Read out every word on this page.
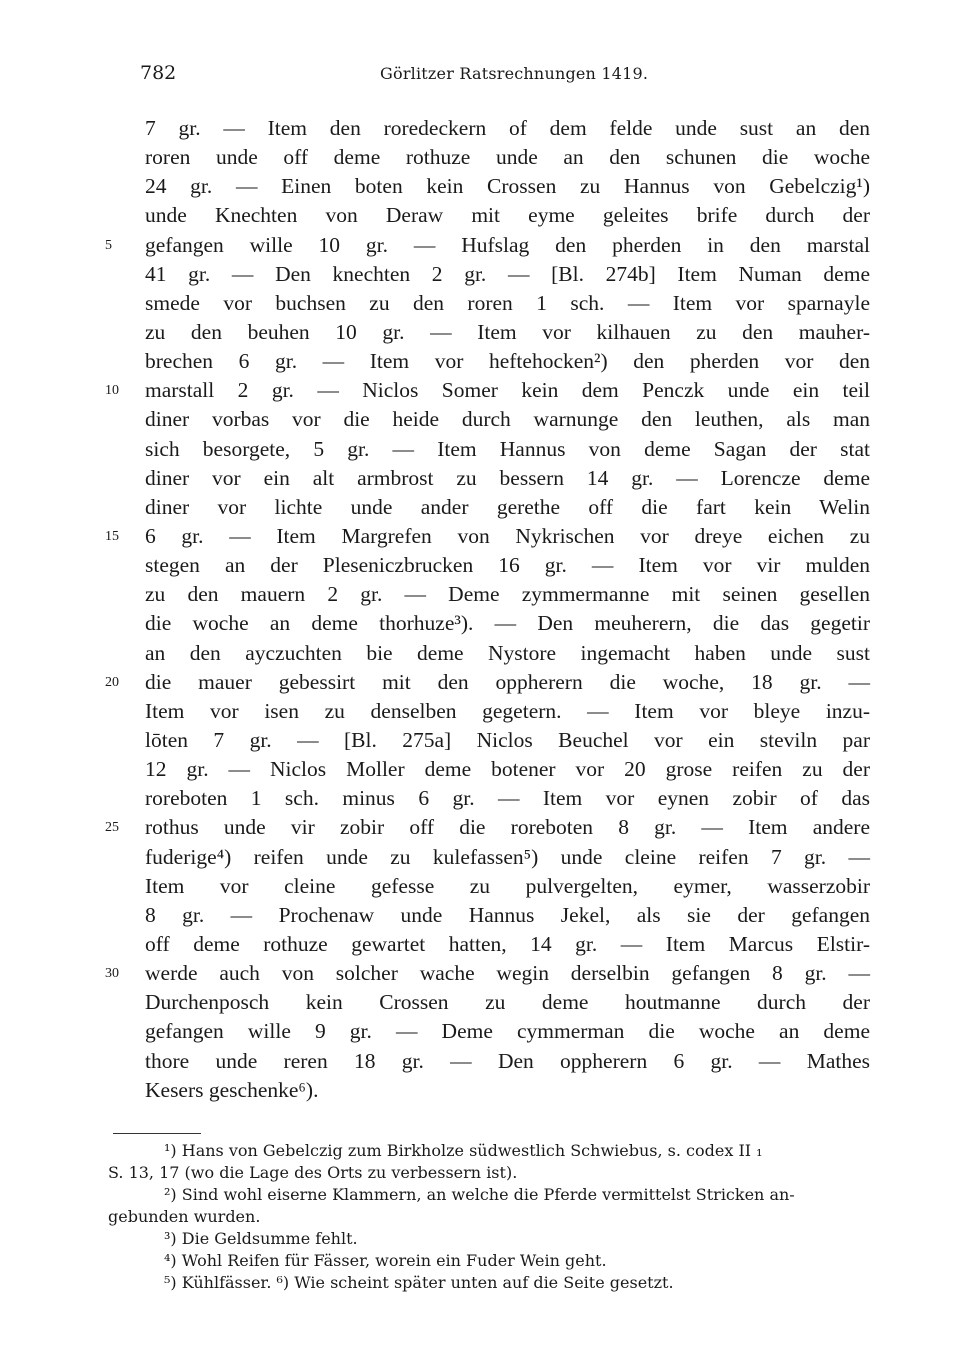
782	Görlitzer Ratsrechnungen 1419.
7 gr. — Item den roredeckern of dem felde unde sust an den
roren unde off deme rothuze unde an den schunen die woche
24 gr. — Einen boten kein Crossen zu Hannus von Gebelczig¹)
unde Knechten von Deraw mit eyme geleites brife durch der
5	gefangen wille 10 gr. — Hufslag den pherden in den marstal
41 gr. — Den knechten 2 gr. — [Bl. 274b] Item Numan deme
smede vor buchsen zu den roren 1 sch. — Item vor sparnayle
zu den beuhen 10 gr. — Item vor kilhauen zu den mauher-
brechen 6 gr. — Item vor heftehocken²) den pherden vor den
10	marstall 2 gr. — Niclos Somer kein dem Penczk unde ein teil
diner vorbas vor die heide durch warnunge den leuthen, als man
sich besorgete, 5 gr. — Item Hannus von deme Sagan der stat
diner vor ein alt armbrost zu bessern 14 gr. — Lorencze deme
diner vor lichte unde ander gerethe off die fart kein Welin
15	6 gr. — Item Margrefen von Nykrischen vor dreye eichen zu
stegen an der Pleseniczbrucken 16 gr. — Item vor vir mulden
zu den mauern 2 gr. — Deme zymmermanne mit seinen gesellen
die woche an deme thorhuze³). — Den meuherern, die das gegetir
an den ayczuchten bie deme Nystore ingemacht haben unde sust
20	die mauer gebessirt mit den oppherern die woche, 18 gr. —
Item vor isen zu denselben gegetern. — Item vor bleye inzu-
lōten 7 gr. — [Bl. 275a] Niclos Beuchel vor ein steviln par
12 gr. — Niclos Moller deme botener vor 20 grose reifen zu der
roreboten 1 sch. minus 6 gr. — Item vor eynen zobir of das
25	rothus unde vir zobir off die roreboten 8 gr. — Item andere
fuderige⁴) reifen unde zu kulefassen⁵) unde cleine reifen 7 gr. —
Item vor cleine gefesse zu pulvergelten, eymer, wasserzobir
8 gr. — Prochenaw unde Hannus Jekel, als sie der gefangen
off deme rothuze gewartet hatten, 14 gr. — Item Marcus Elstir-
30	werde auch von solcher wache wegin derselbin gefangen 8 gr. —
Durchenposch kein Crossen zu deme houtmanne durch der
gefangen wille 9 gr. — Deme cymmerman die woche an deme
thore unde reren 18 gr. — Den oppherern 6 gr. — Mathes
Kesers geschenke⁶).
¹) Hans von Gebelczig zum Birkholze südwestlich Schwiebus, s. codex II ₁
S. 13, 17 (wo die Lage des Orts zu verbessern ist).
²) Sind wohl eiserne Klammern, an welche die Pferde vermittelst Stricken an-
gebunden wurden.
³) Die Geldsumme fehlt.
⁴) Wohl Reifen für Fässer, worein ein Fuder Wein geht.
⁵) Kühlfässer. ⁶) Wie scheint später unten auf die Seite gesetzt.
